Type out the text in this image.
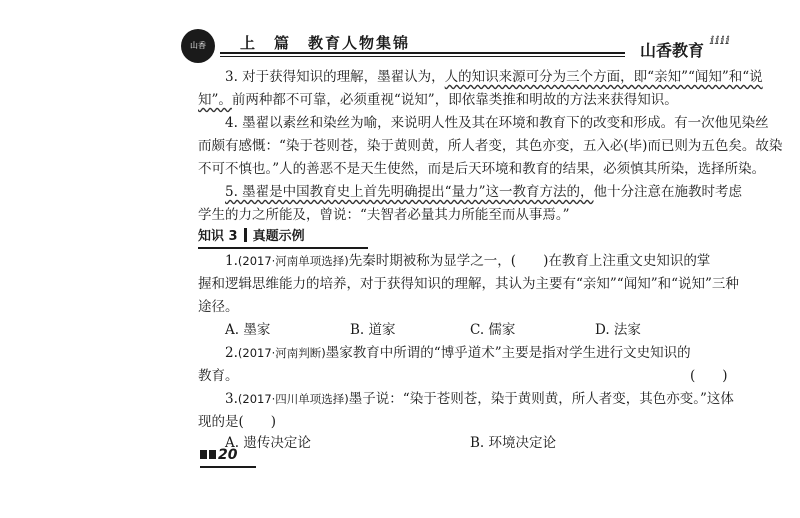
山香	上　篇　教育人物集锦	山香教育
ⅈⅈⅈⅈ
3. 对于获得知识的理解，墨翟认为，人的知识来源可分为三个方面，即“亲知”“闻知”和“说
知”。前两种都不可靠，必须重视“说知”，即依靠类推和明故的方法来获得知识。
4. 墨翟以素丝和染丝为喻，来说明人性及其在环境和教育下的改变和形成。有一次他见染丝
而颇有感慨：“染于苍则苍，染于黄则黄，所人者变，其色亦变，五入必(毕)而已则为五色矣。故染
不可不慎也。”人的善恶不是天生使然，而是后天环境和教育的结果，必须慎其所染，选择所染。
5. 墨翟是中国教育史上首先明确提出“量力”这一教育方法的，他十分注意在施教时考虑
学生的力之所能及，曾说：“夫智者必量其力所能至而从事焉。”
知识 3 真题示例
1.(2017·河南单项选择)先秦时期被称为显学之一，(　　)在教育上注重文史知识的掌
握和逻辑思维能力的培养，对于获得知识的理解，其认为主要有“亲知”“闻知”和“说知”三种
途径。
A. 墨家	B. 道家	C. 儒家	D. 法家
2.(2017·河南判断)墨家教育中所谓的“博乎道术”主要是指对学生进行文史知识的
教育。	(　　)
3.(2017·四川单项选择)墨子说：“染于苍则苍，染于黄则黄，所人者变，其色亦变。”这体
现的是(　　)
A. 遗传决定论	B. 环境决定论
20
